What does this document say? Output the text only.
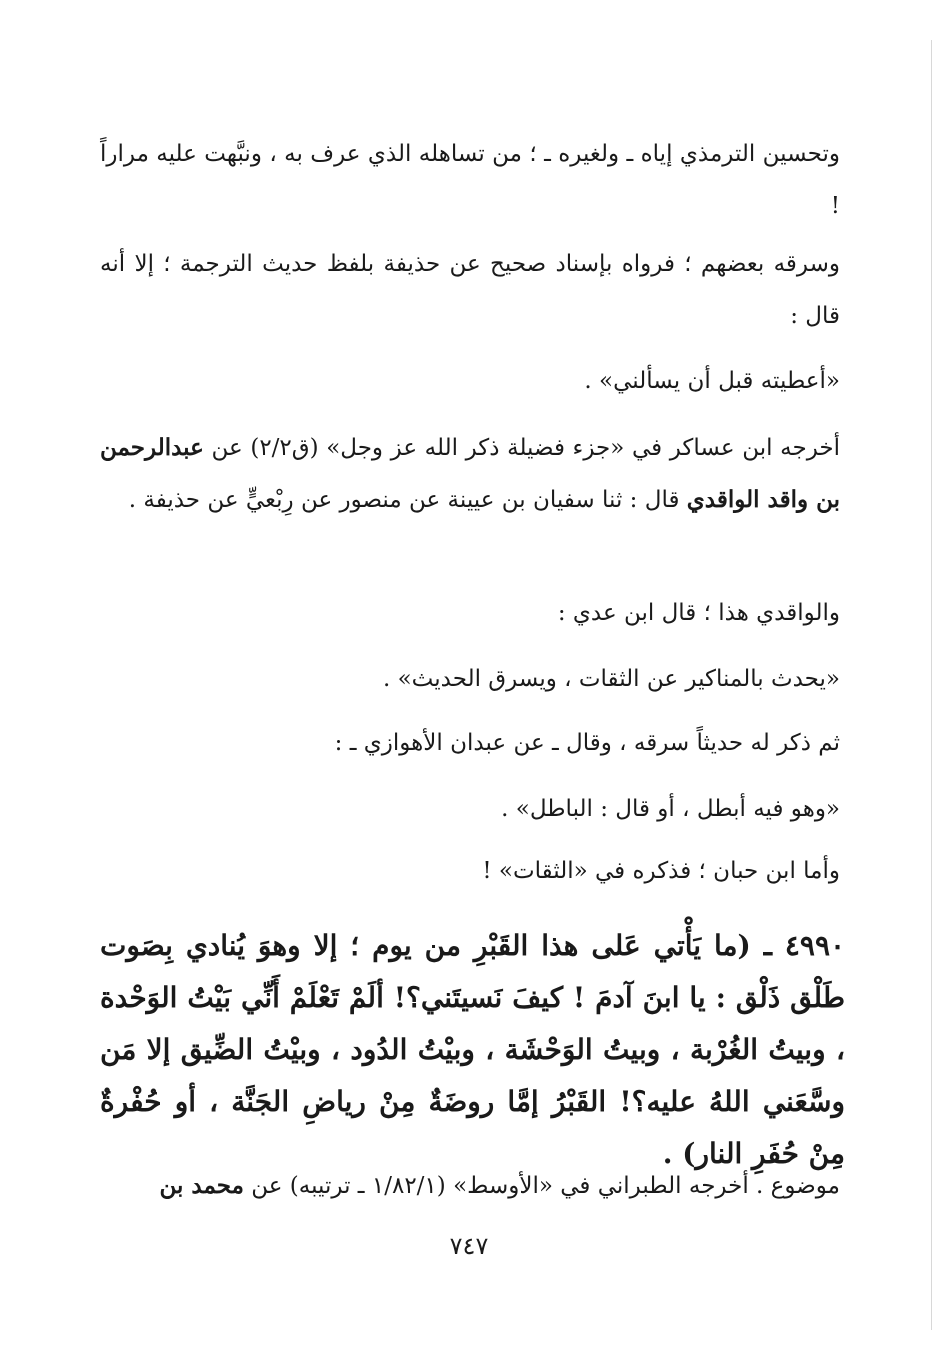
وتحسين الترمذي إياه ـ ولغيره ـ ؛ من تساهله الذي عرف به ، ونبَّهت عليه مراراً !
وسرقه بعضهم ؛ فرواه بإسناد صحيح عن حذيفة بلفظ حديث الترجمة ؛ إلا أنه قال :
«أعطيته قبل أن يسألني» .
أخرجه ابن عساكر في «جزء فضيلة ذكر الله عز وجل» (ق٢/٢) عن عبدالرحمن بن واقد الواقدي قال : ثنا سفيان بن عيينة عن منصور عن رِبْعيٍّ عن حذيفة .
والواقدي هذا ؛ قال ابن عدي :
«يحدث بالمناكير عن الثقات ، ويسرق الحديث» .
ثم ذكر له حديثاً سرقه ، وقال ـ عن عبدان الأهوازي ـ :
«وهو فيه أبطل ، أو قال : الباطل» .
وأما ابن حبان ؛ فذكره في «الثقات» !
٤٩٩٠ ـ (ما يَأْتي عَلى هذا القَبْرِ من يوم ؛ إلا وهوَ يُنادي بِصَوت طَلْق ذَلْق : يا ابنَ آدمَ ! كيفَ نَسيتَني؟! ألَمْ تَعْلَمْ أَنِّي بَيْتُ الوَحْدة ، وبيتُ الغُرْبة ، وبيتُ الوَحْشَة ، وبيْتُ الدُود ، وبيْتُ الضِّيق إلا مَن وسَّعَني اللهُ عليه؟! القَبْرُ إمَّا روضَةٌ مِنْ رياضِ الجَنَّة ، أو حُفْرةٌ مِنْ حُفَرِ النار) .
موضوع . أخرجه الطبراني في «الأوسط» (١/٨٢/١ ـ ترتيبه) عن محمد بن
٧٤٧
